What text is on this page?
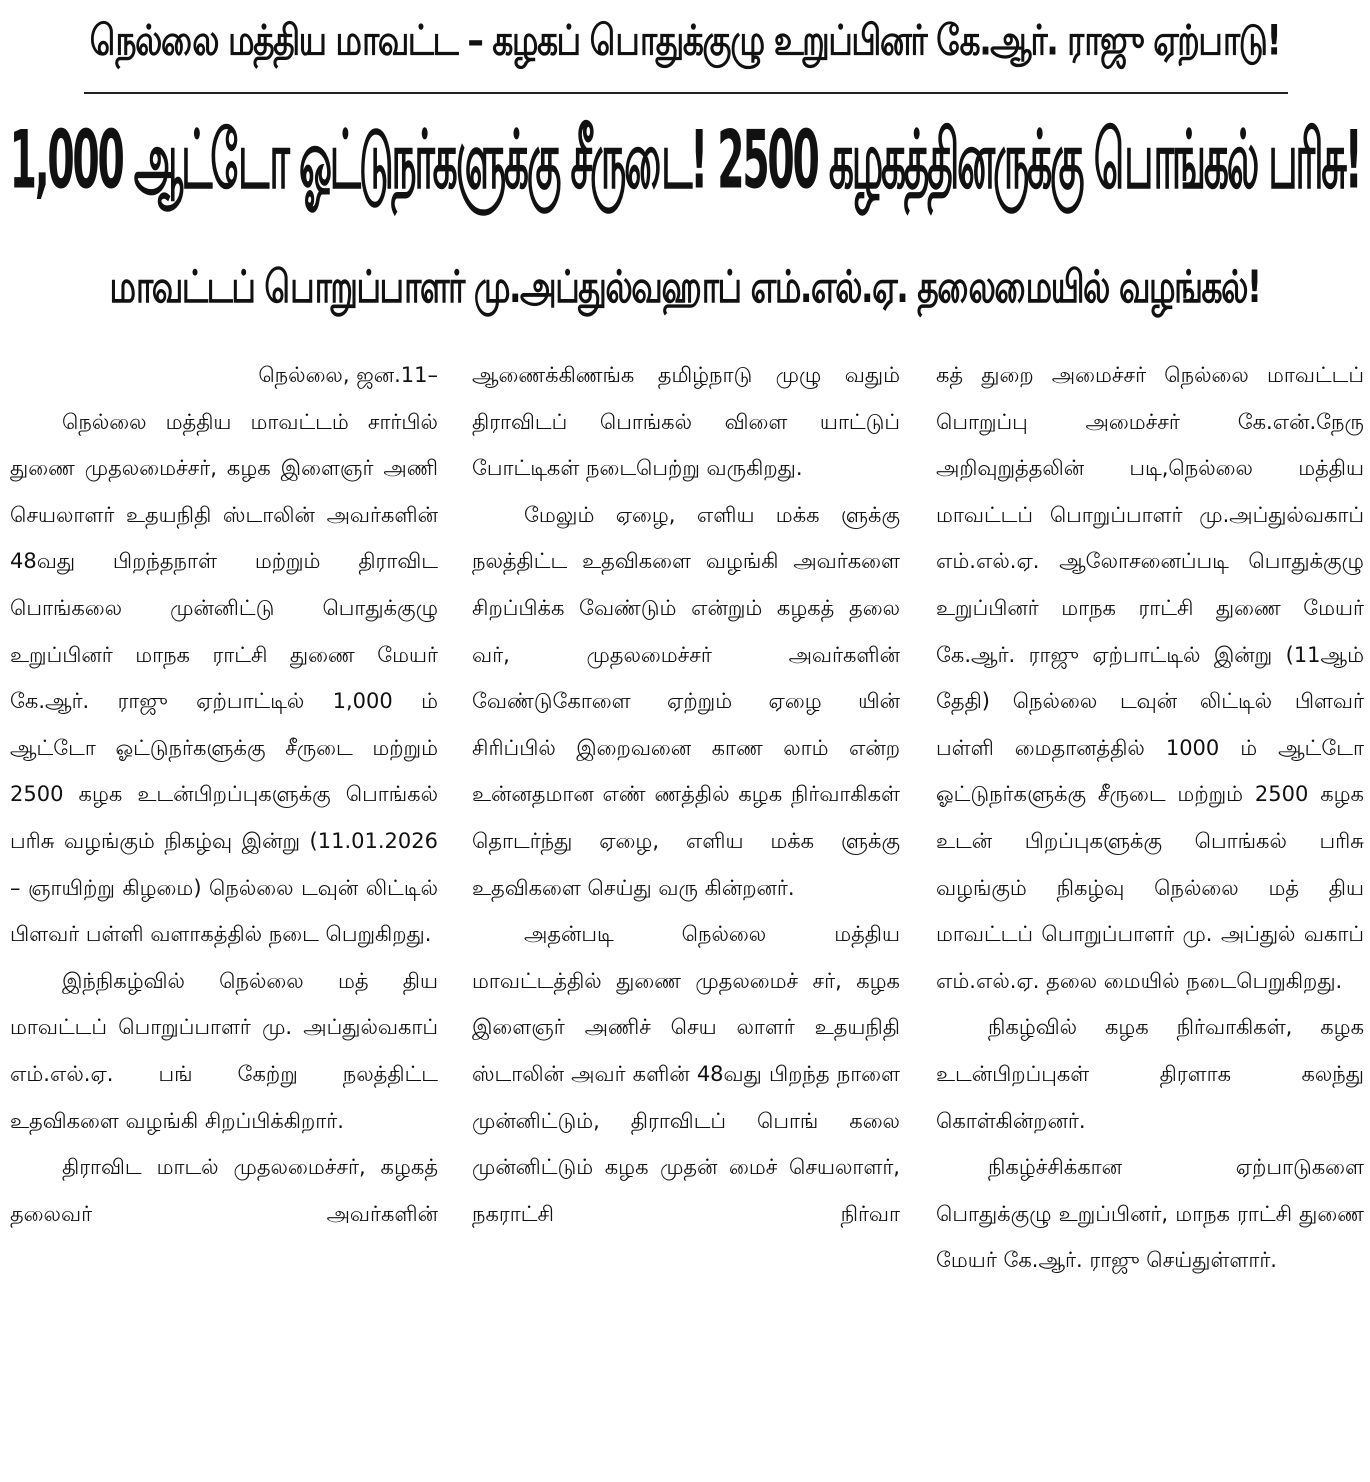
நெல்லை மத்திய மாவட்ட – கழகப் பொதுக்குழு உறுப்பினர் கே.ஆர். ராஜு ஏற்பாடு!
1,000 ஆட்டோ ஓட்டுநர்களுக்கு சீருடை! 2500 கழகத்தினருக்கு பொங்கல் பரிசு!
மாவட்டப் பொறுப்பாளர் மு.அப்துல்வஹாப் எம்.எல்.ஏ. தலைமையில் வழங்கல்!

நெல்லை, ஜன.11–

நெல்லை மத்திய மாவட்டம் சார்பில் துணை முதலமைச்சர், கழக இளைஞர் அணி செயலாளர் உதயநிதி ஸ்டாலின் அவர்களின் 48வது பிறந்தநாள் மற்றும் திராவிட பொங்கலை முன்னிட்டு பொதுக்குழு உறுப்பினர் மாநக ராட்சி துணை மேயர் கே.ஆர். ராஜு ஏற்பாட்டில் 1,000 ம் ஆட்டோ ஓட்டுநர்களுக்கு சீருடை மற்றும் 2500 கழக உடன்பிறப்புகளுக்கு பொங்கல் பரிசு வழங்கும் நிகழ்வு இன்று (11.01.2026 – ஞாயிற்று கிழமை) நெல்லை டவுன் லிட்டில் பிளவர் பள்ளி வளாகத்தில் நடை பெறுகிறது.

இந்நிகழ்வில் நெல்லை மத் திய மாவட்டப் பொறுப்பாளர் மு. அப்துல்வகாப் எம்.எல்.ஏ. பங் கேற்று நலத்திட்ட உதவிகளை வழங்கி சிறப்பிக்கிறார்.

திராவிட மாடல் முதலமைச்சர், கழகத் தலைவர் அவர்களின்

ஆணைக்கிணங்க தமிழ்நாடு முழு வதும் திராவிடப் பொங்கல் விளை யாட்டுப் போட்டிகள் நடைபெற்று வருகிறது.

மேலும் ஏழை, எளிய மக்க ளுக்கு நலத்திட்ட உதவிகளை வழங்கி அவர்களை சிறப்பிக்க வேண்டும் என்றும் கழகத் தலை வர், முதலமைச்சர் அவர்களின் வேண்டுகோளை ஏற்றும் ஏழை யின் சிரிப்பில் இறைவனை காண லாம் என்ற உன்னதமான எண் ணத்தில் கழக நிர்வாகிகள் தொடர்ந்து ஏழை, எளிய மக்க ளுக்கு உதவிகளை செய்து வரு கின்றனர்.

அதன்படி நெல்லை மத்திய மாவட்டத்தில் துணை முதலமைச் சர், கழக இளைஞர் அணிச் செய லாளர் உதயநிதி ஸ்டாலின் அவர் களின் 48வது பிறந்த நாளை முன்னிட்டும், திராவிடப் பொங் கலை முன்னிட்டும் கழக முதன் மைச் செயலாளர், நகராட்சி நிர்வா

கத் துறை அமைச்சர் நெல்லை மாவட்டப் பொறுப்பு அமைச்சர் கே.என்.நேரு அறிவுறுத்தலின் படி,நெல்லை மத்திய மாவட்டப் பொறுப்பாளர் மு.அப்துல்வகாப் எம்.எல்.ஏ. ஆலோசனைப்படி பொதுக்குழு உறுப்பினர் மாநக ராட்சி துணை மேயர் கே.ஆர். ராஜு ஏற்பாட்டில் இன்று (11ஆம் தேதி) நெல்லை டவுன் லிட்டில் பிளவர் பள்ளி மைதானத்தில் 1000 ம் ஆட்டோ ஓட்டுநர்களுக்கு சீருடை மற்றும் 2500 கழக உடன் பிறப்புகளுக்கு பொங்கல் பரிசு வழங்கும் நிகழ்வு நெல்லை மத் திய மாவட்டப் பொறுப்பாளர் மு. அப்துல் வகாப் எம்.எல்.ஏ. தலை மையில் நடைபெறுகிறது.

நிகழ்வில் கழக நிர்வாகிகள், கழக உடன்பிறப்புகள் திரளாக கலந்து கொள்கின்றனர்.

நிகழ்ச்சிக்கான ஏற்பாடுகளை பொதுக்குழு உறுப்பினர், மாநக ராட்சி துணை மேயர் கே.ஆர். ராஜு செய்துள்ளார்.
